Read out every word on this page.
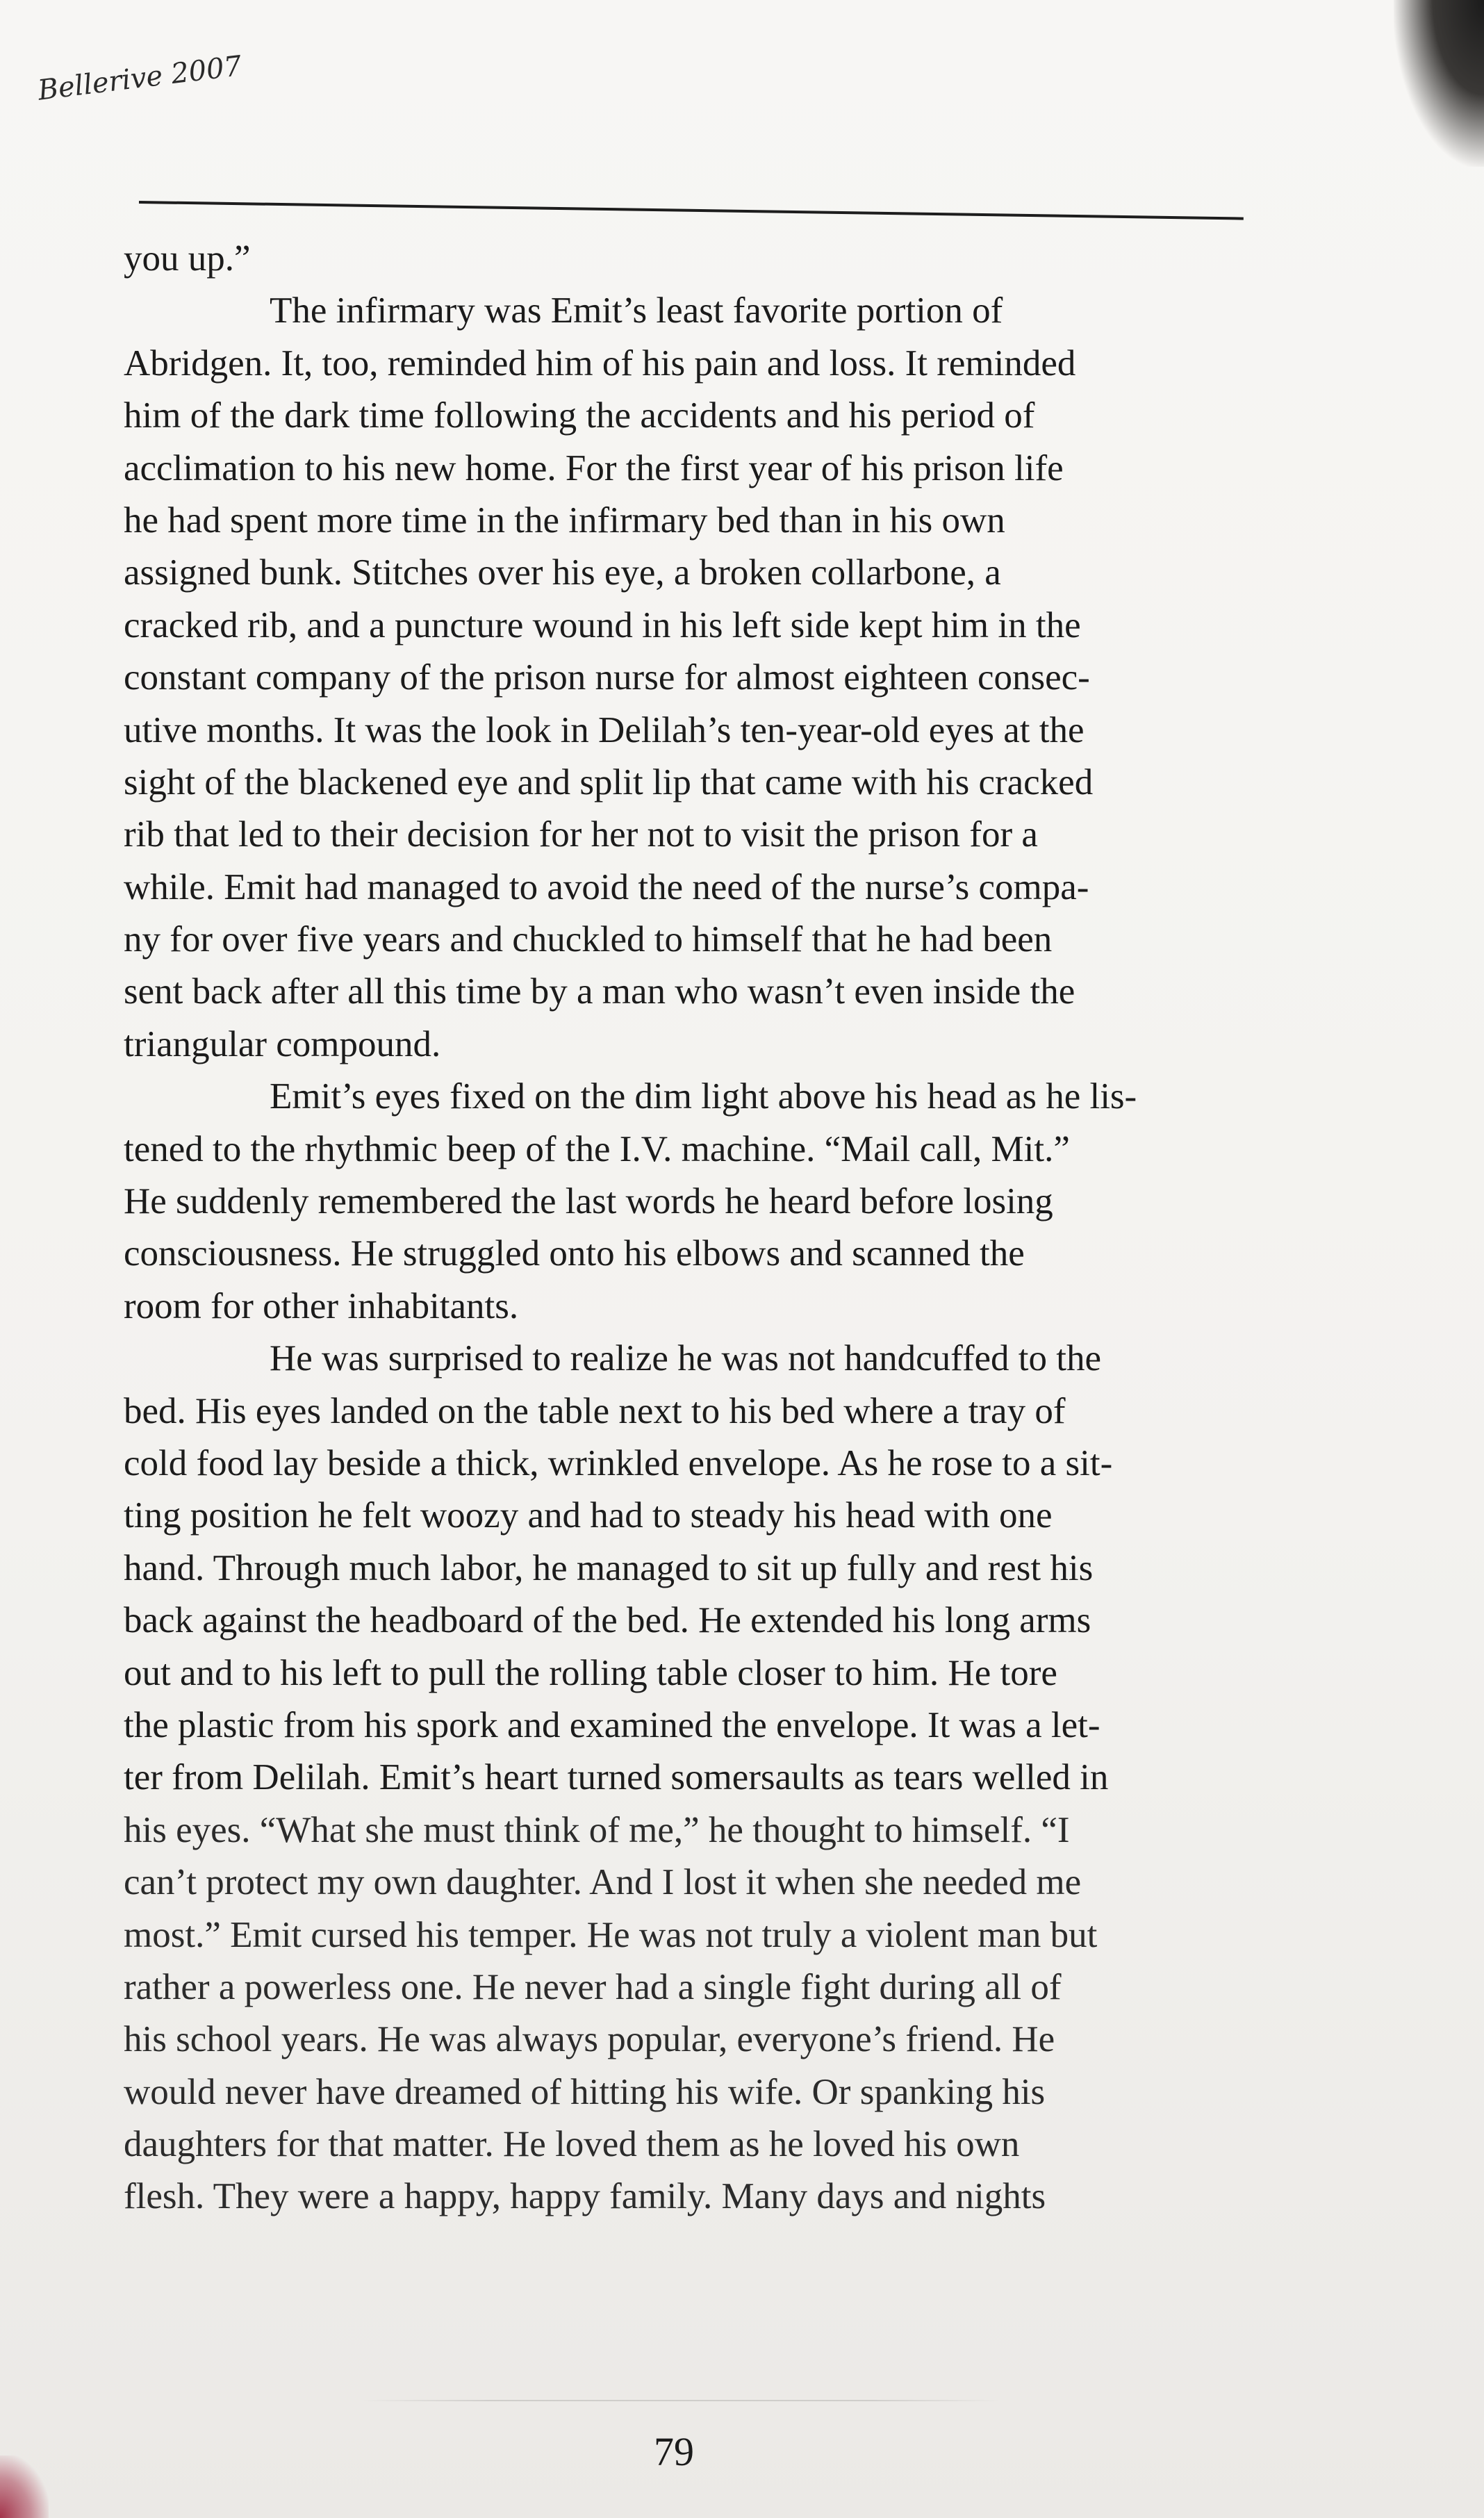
Bellerive 2007
you up.”
The infirmary was Emit’s least favorite portion of
Abridgen. It, too, reminded him of his pain and loss. It reminded
him of the dark time following the accidents and his period of
acclimation to his new home. For the first year of his prison life
he had spent more time in the infirmary bed than in his own
assigned bunk. Stitches over his eye, a broken collarbone, a
cracked rib, and a puncture wound in his left side kept him in the
constant company of the prison nurse for almost eighteen consec-
utive months. It was the look in Delilah’s ten-year-old eyes at the
sight of the blackened eye and split lip that came with his cracked
rib that led to their decision for her not to visit the prison for a
while. Emit had managed to avoid the need of the nurse’s compa-
ny for over five years and chuckled to himself that he had been
sent back after all this time by a man who wasn’t even inside the
triangular compound.
Emit’s eyes fixed on the dim light above his head as he lis-
tened to the rhythmic beep of the I.V. machine. “Mail call, Mit.”
He suddenly remembered the last words he heard before losing
consciousness. He struggled onto his elbows and scanned the
room for other inhabitants.
He was surprised to realize he was not handcuffed to the
bed. His eyes landed on the table next to his bed where a tray of
cold food lay beside a thick, wrinkled envelope. As he rose to a sit-
ting position he felt woozy and had to steady his head with one
hand. Through much labor, he managed to sit up fully and rest his
back against the headboard of the bed. He extended his long arms
out and to his left to pull the rolling table closer to him. He tore
the plastic from his spork and examined the envelope. It was a let-
ter from Delilah. Emit’s heart turned somersaults as tears welled in
his eyes. “What she must think of me,” he thought to himself. “I
can’t protect my own daughter. And I lost it when she needed me
most.” Emit cursed his temper. He was not truly a violent man but
rather a powerless one. He never had a single fight during all of
his school years. He was always popular, everyone’s friend. He
would never have dreamed of hitting his wife. Or spanking his
daughters for that matter. He loved them as he loved his own
flesh. They were a happy, happy family. Many days and nights
79
